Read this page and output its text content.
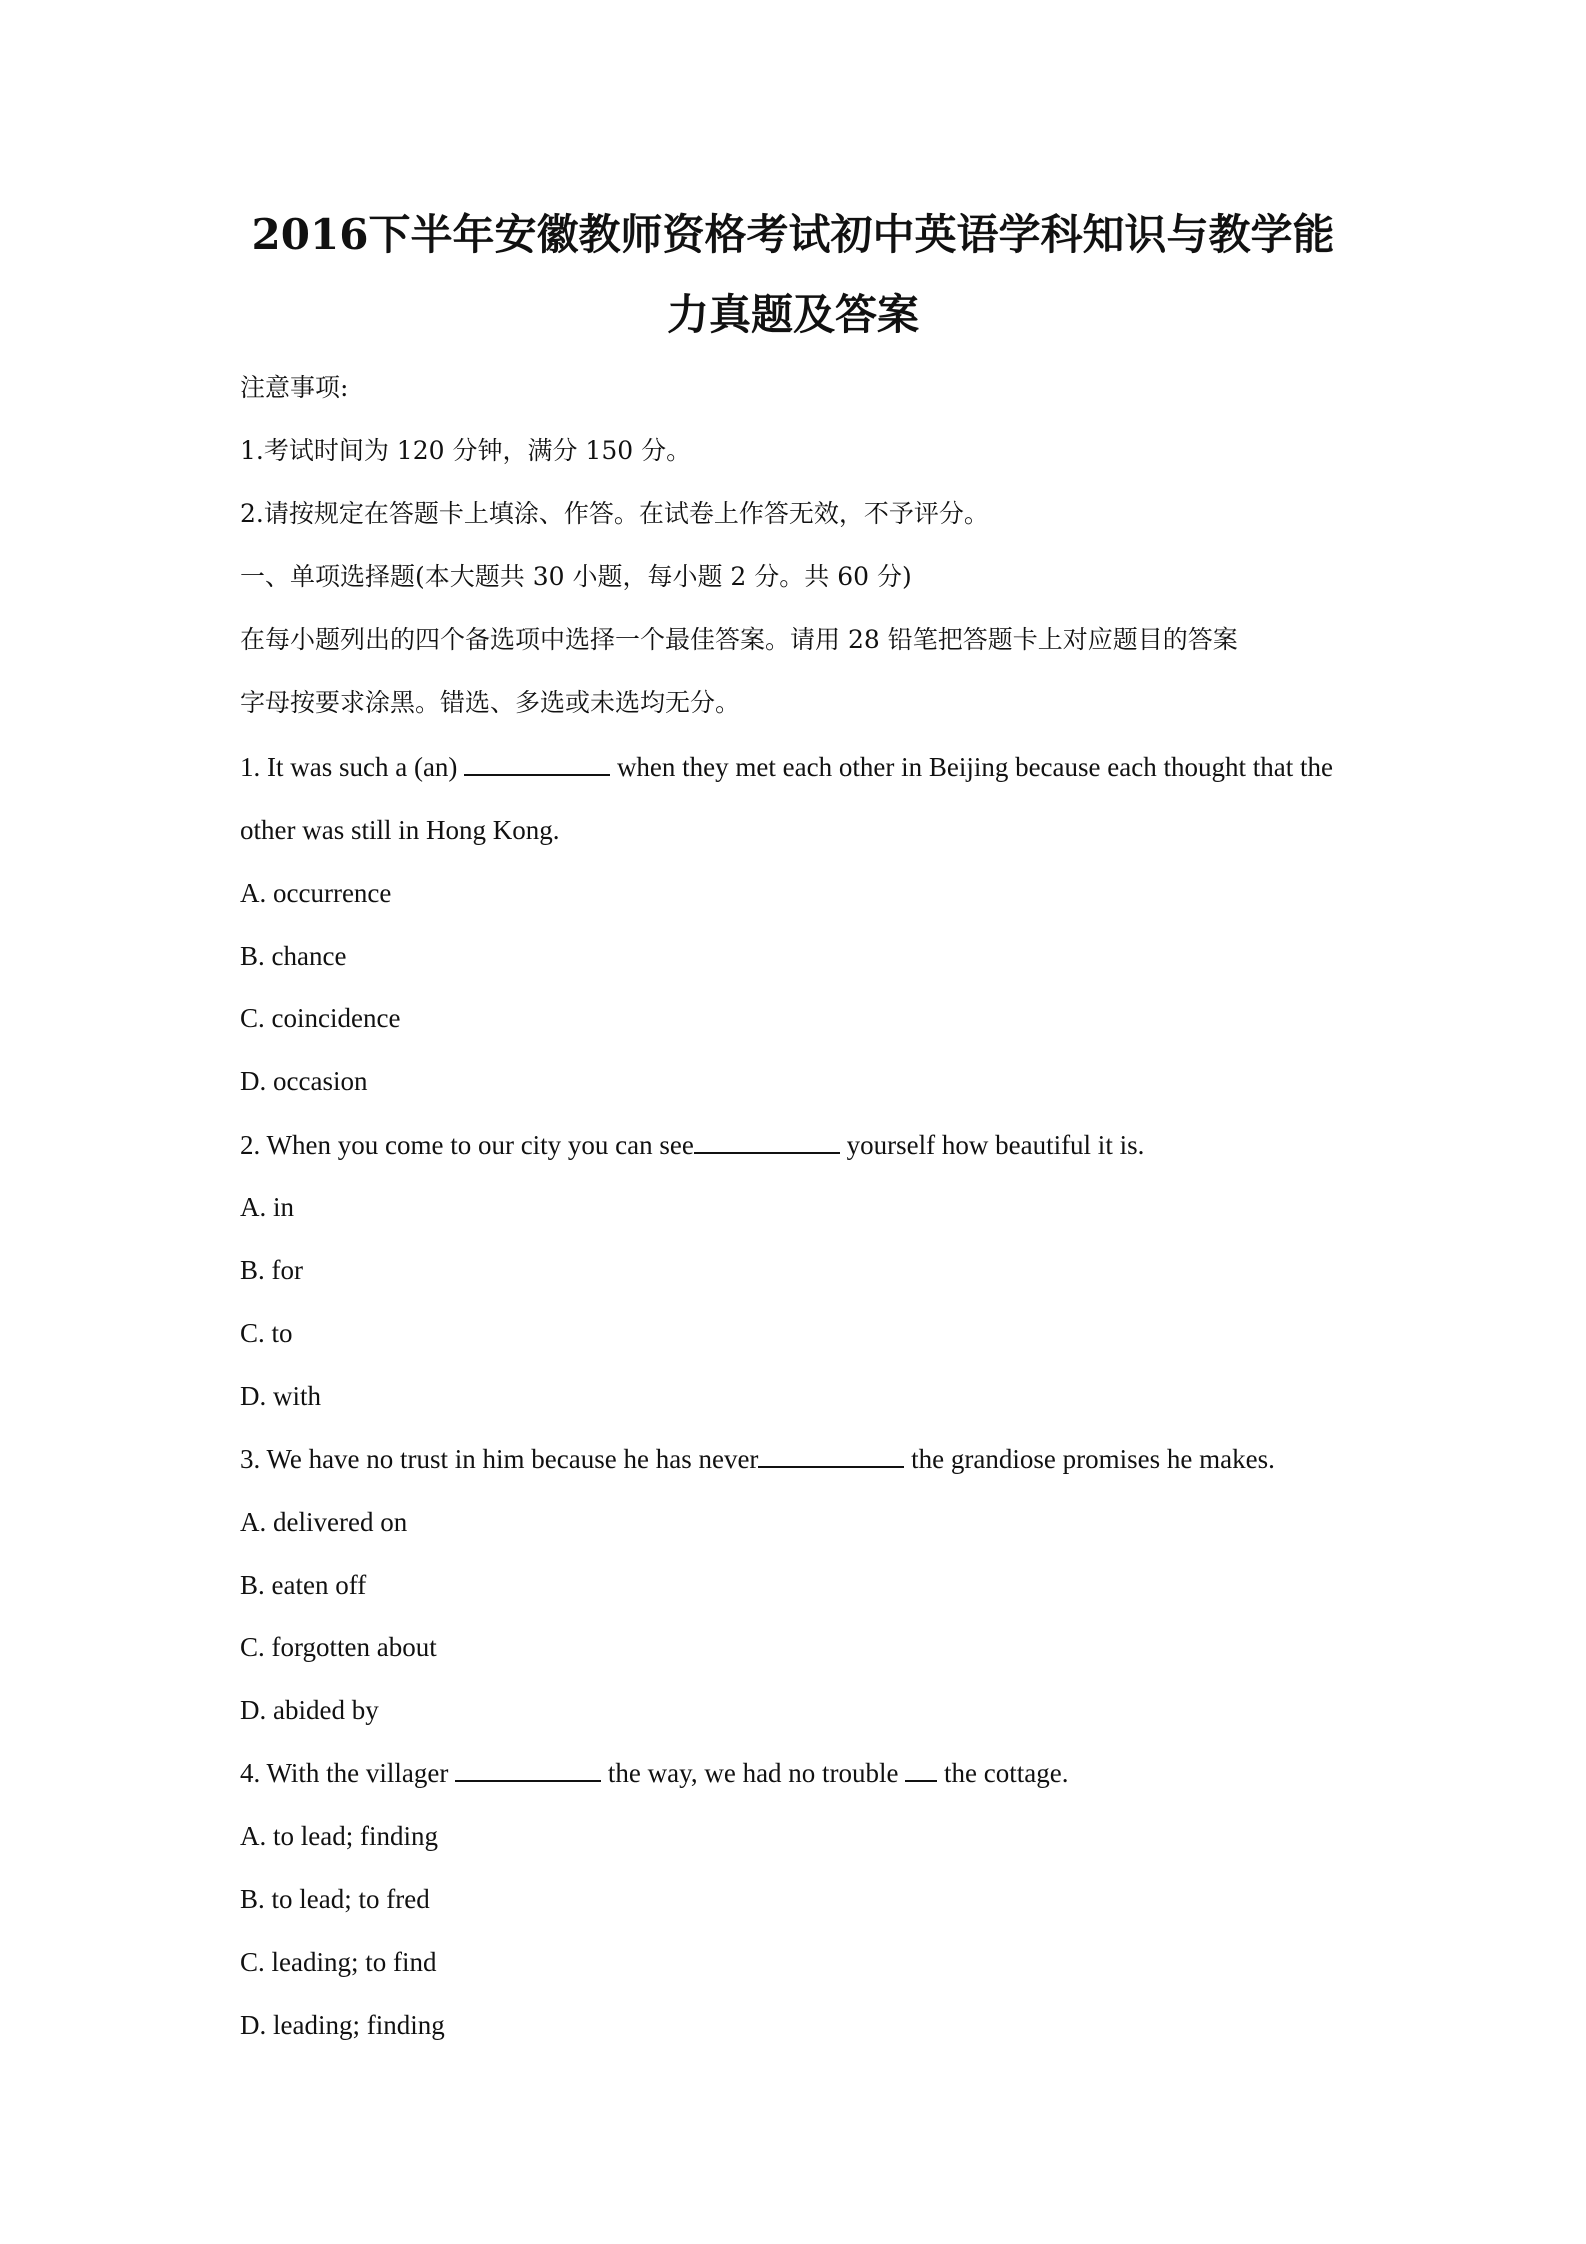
2016下半年安徽教师资格考试初中英语学科知识与教学能
力真题及答案

注意事项:

1.考试时间为 120 分钟，满分 150 分。

2.请按规定在答题卡上填涂、作答。在试卷上作答无效，不予评分。

一、单项选择题(本大题共 30 小题，每小题 2 分。共 60 分)

在每小题列出的四个备选项中选择一个最佳答案。请用 28 铅笔把答题卡上对应题目的答案

字母按要求涂黑。错选、多选或未选均无分。

1. It was such a (an)	when they met each other in Beijing because each thought that the

other was still in Hong Kong.

A. occurrence

B. chance

C. coincidence

D. occasion

2. When you come to our city you can see	yourself how beautiful it is.

A. in

B. for

C. to

D. with

3. We have no trust in him because he has never	the grandiose promises he makes.

A. delivered on

B. eaten off

C. forgotten about

D. abided by

4. With the villager	the way, we had no trouble  the cottage.

A. to lead; finding

B. to lead; to fred

C. leading; to find

D. leading; finding
